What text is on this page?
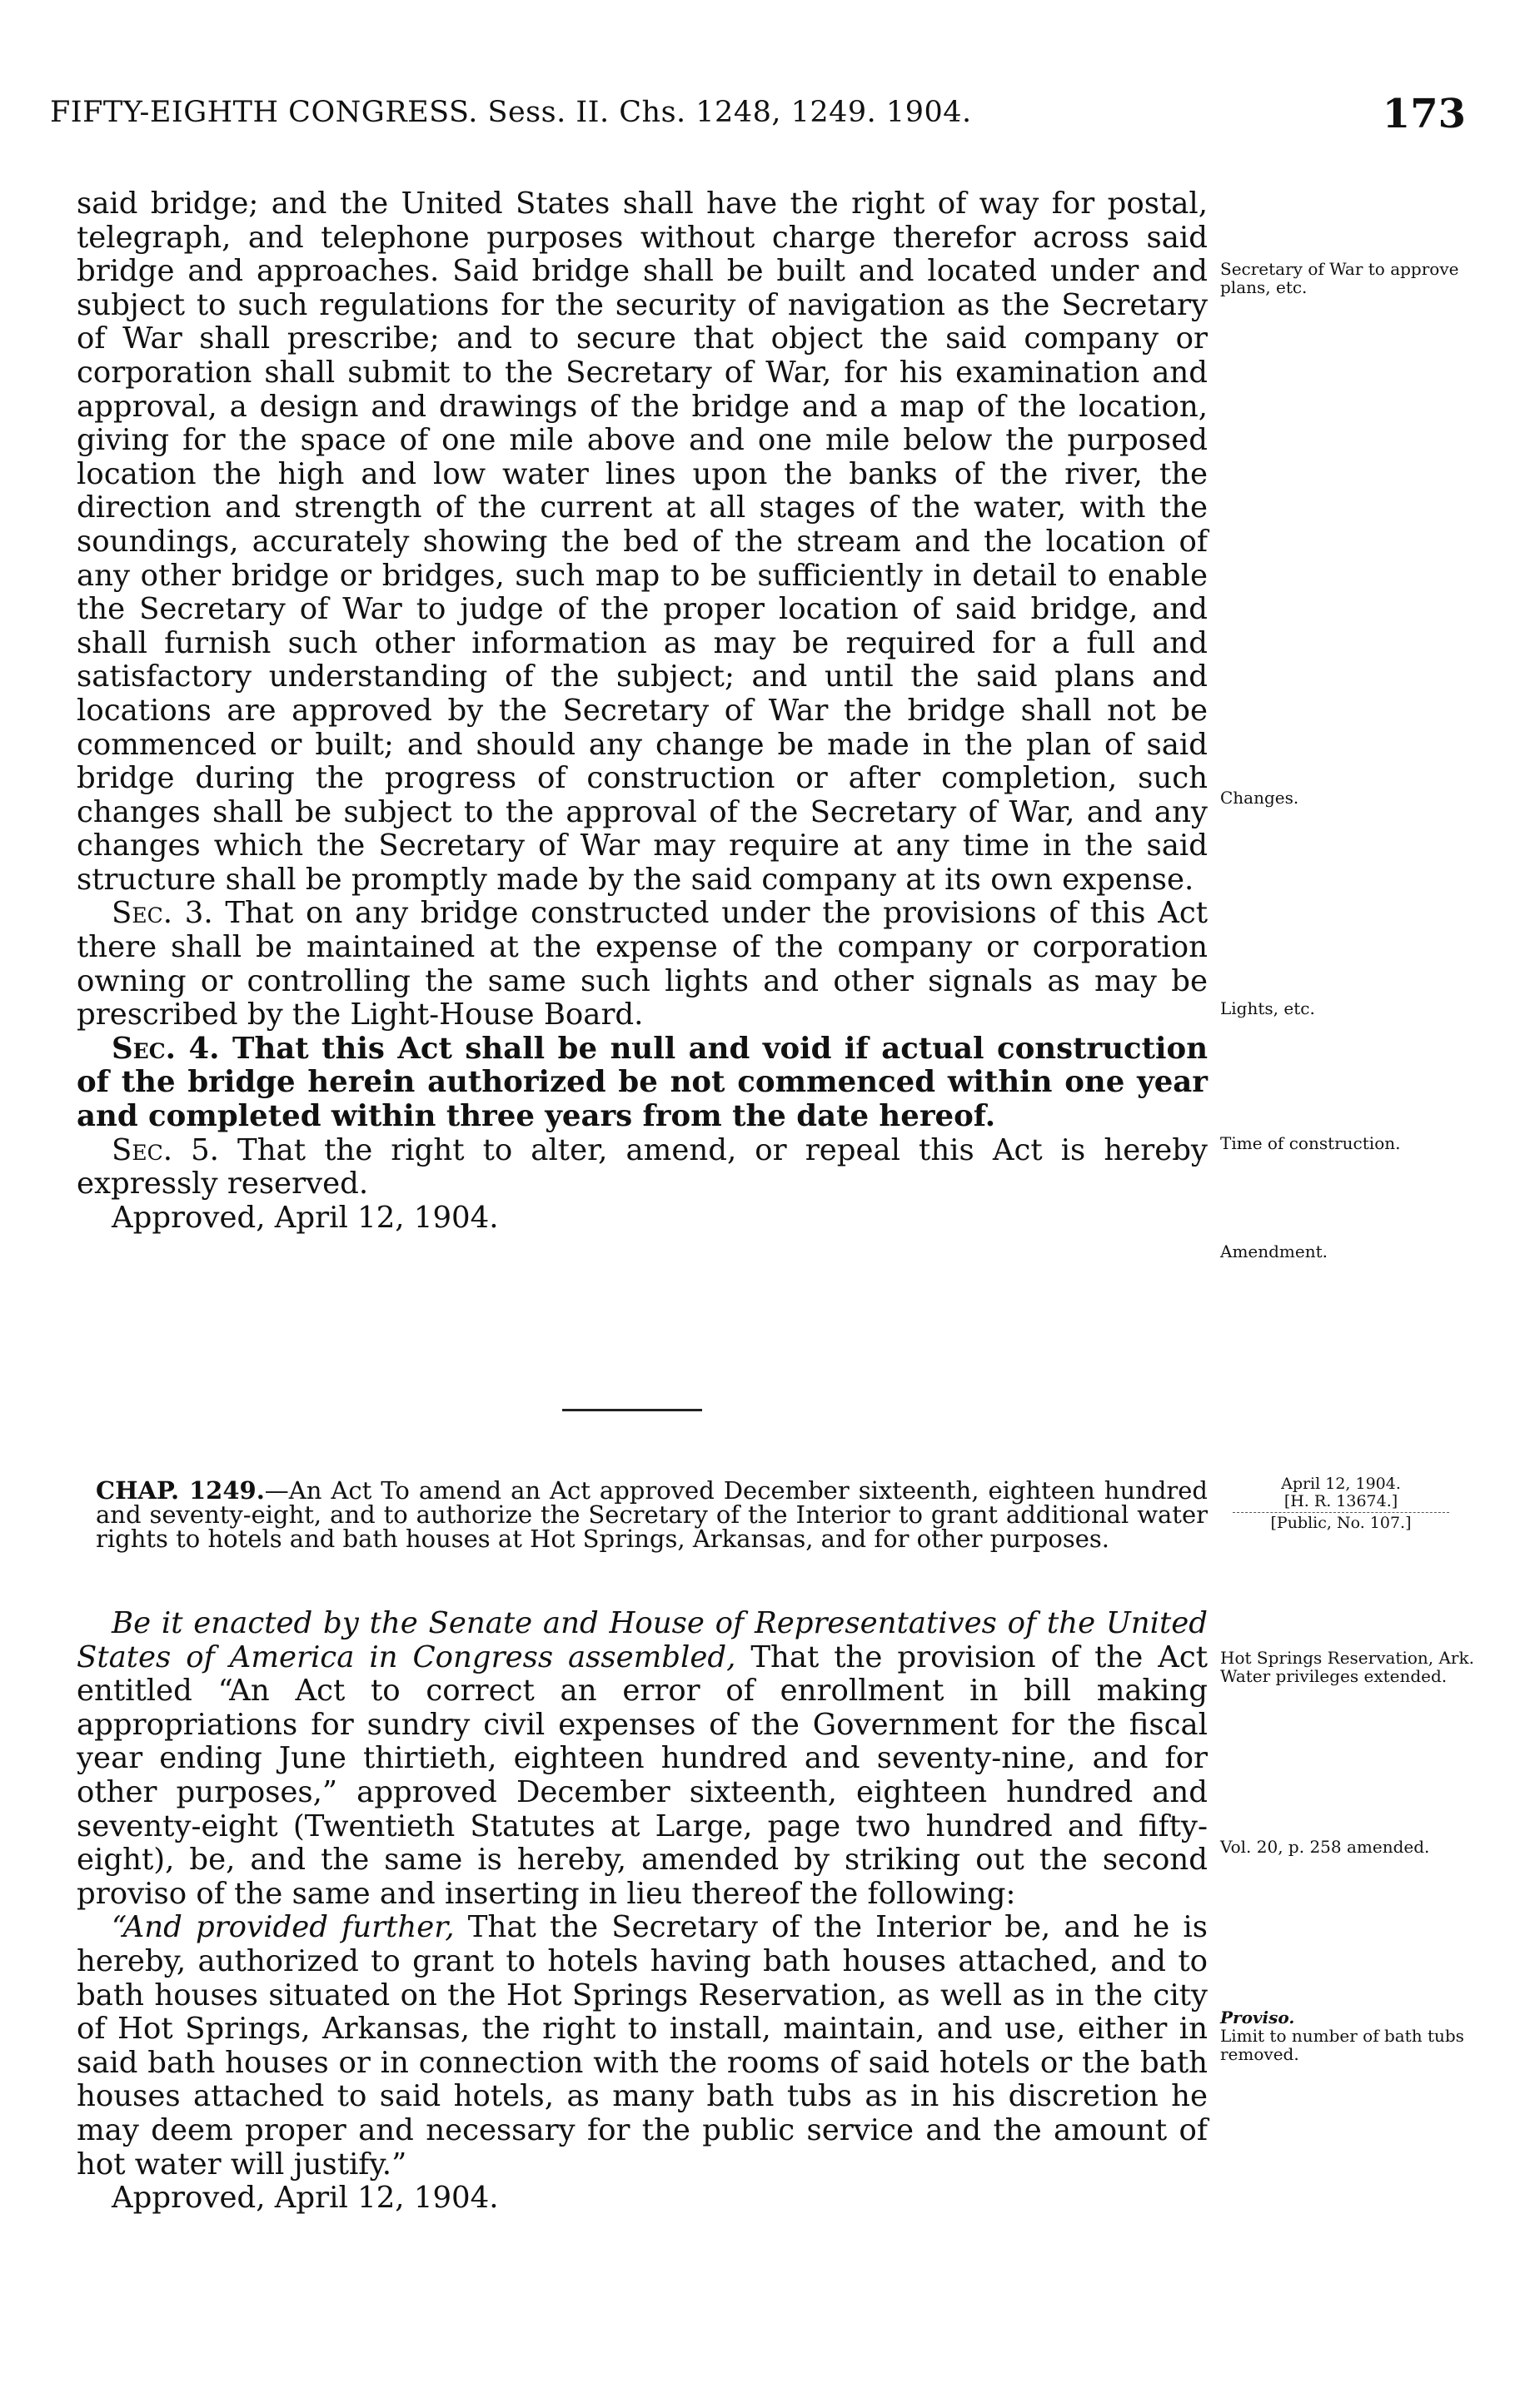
FIFTY-EIGHTH CONGRESS. Sess. II. Chs. 1248, 1249. 1904.	173

said bridge; and the United States shall have the right of way for postal, telegraph, and telephone purposes without charge therefor across said bridge and approaches. Said bridge shall be built and located under and subject to such regulations for the security of navigation as the Secretary of War shall prescribe; and to secure that object the said company or corporation shall submit to the Secretary of War, for his examination and approval, a design and drawings of the bridge and a map of the location, giving for the space of one mile above and one mile below the purposed location the high and low water lines upon the banks of the river, the direction and strength of the current at all stages of the water, with the soundings, accurately showing the bed of the stream and the location of any other bridge or bridges, such map to be sufficiently in detail to enable the Secretary of War to judge of the proper location of said bridge, and shall furnish such other information as may be required for a full and satisfactory understanding of the subject; and until the said plans and locations are approved by the Secretary of War the bridge shall not be commenced or built; and should any change be made in the plan of said bridge during the progress of construction or after completion, such changes shall be subject to the approval of the Secretary of War, and any changes which the Secretary of War may require at any time in the said structure shall be promptly made by the said company at its own expense.

Sec. 3. That on any bridge constructed under the provisions of this Act there shall be maintained at the expense of the company or corporation owning or controlling the same such lights and other signals as may be prescribed by the Light-House Board.

Sec. 4. That this Act shall be null and void if actual construction of the bridge herein authorized be not commenced within one year and completed within three years from the date hereof.

Sec. 5. That the right to alter, amend, or repeal this Act is hereby expressly reserved.

Approved, April 12, 1904.

Secretary of War to approve plans, etc.
Changes.
Lights, etc.
Time of construction.
Amendment.

CHAP. 1249.—An Act To amend an Act approved December sixteenth, eighteen hundred and seventy-eight, and to authorize the Secretary of the Interior to grant additional water rights to hotels and bath houses at Hot Springs, Arkansas, and for other purposes.

April 12, 1904.
[H. R. 13674.]
[Public, No. 107.]

Be it enacted by the Senate and House of Representatives of the United States of America in Congress assembled, That the provision of the Act entitled “An Act to correct an error of enrollment in bill making appropriations for sundry civil expenses of the Government for the fiscal year ending June thirtieth, eighteen hundred and seventy-nine, and for other purposes,” approved December sixteenth, eighteen hundred and seventy-eight (Twentieth Statutes at Large, page two hundred and fifty-eight), be, and the same is hereby, amended by striking out the second proviso of the same and inserting in lieu thereof the following:

“And provided further, That the Secretary of the Interior be, and he is hereby, authorized to grant to hotels having bath houses attached, and to bath houses situated on the Hot Springs Reservation, as well as in the city of Hot Springs, Arkansas, the right to install, maintain, and use, either in said bath houses or in connection with the rooms of said hotels or the bath houses attached to said hotels, as many bath tubs as in his discretion he may deem proper and necessary for the public service and the amount of hot water will justify.”

Approved, April 12, 1904.

Hot Springs Reservation, Ark.
Water privileges extended.
Vol. 20, p. 258 amended.
Proviso.
Limit to number of bath tubs removed.
